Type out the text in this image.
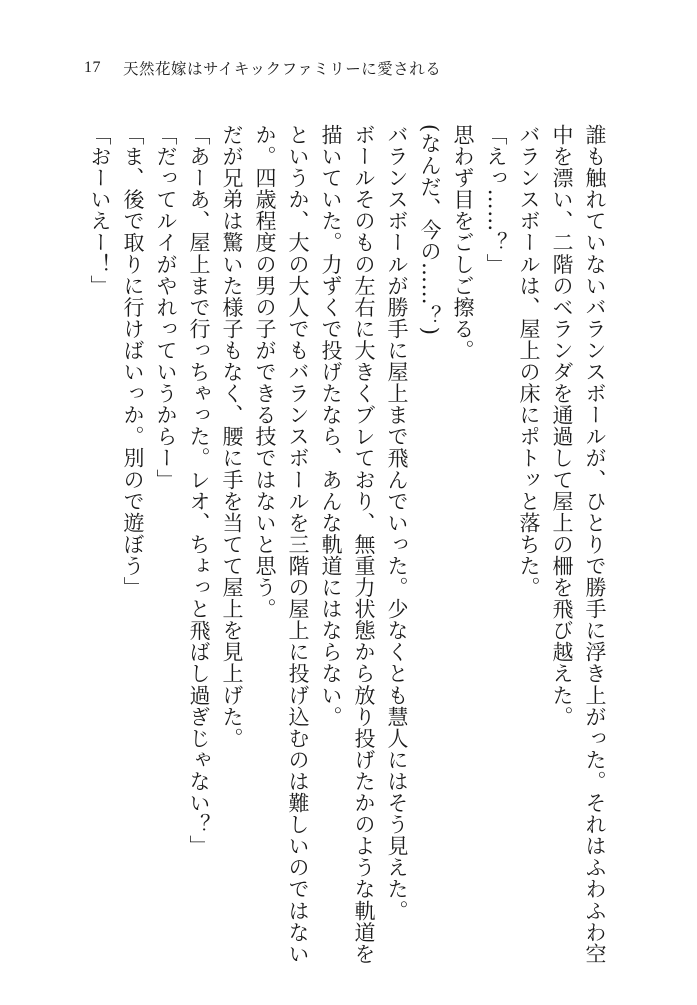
17 天然花嫁はサイキックファミリーに愛される
誰も触れていないバランスボールが、ひとりで勝手に浮き上がった。それはふわふわ空
中を漂い、二階のベランダを通過して屋上の柵を飛び越えた。
バランスボールは、屋上の床にポトッと落ちた。
「えっ……？」
思わず目をごしご擦る。
(なんだ、今の……？)
バランスボールが勝手に屋上まで飛んでいった。少なくとも慧人にはそう見えた。
ボールそのもの左右に大きくブレており、無重力状態から放り投げたかのような軌道を
描いていた。力ずくで投げたなら、あんな軌道にはならない。
というか、大の大人でもバランスボールを三階の屋上に投げ込むのは難しいのではない
か。四歳程度の男の子ができる技ではないと思う。
だが兄弟は驚いた様子もなく、腰に手を当てて屋上を見上げた。
「あーあ、屋上まで行っちゃった。レオ、ちょっと飛ばし過ぎじゃない？」
「だってルイがやれっていうからー」
「ま、後で取りに行けばいっか。別ので遊ぼう」
「おーいえー！」
